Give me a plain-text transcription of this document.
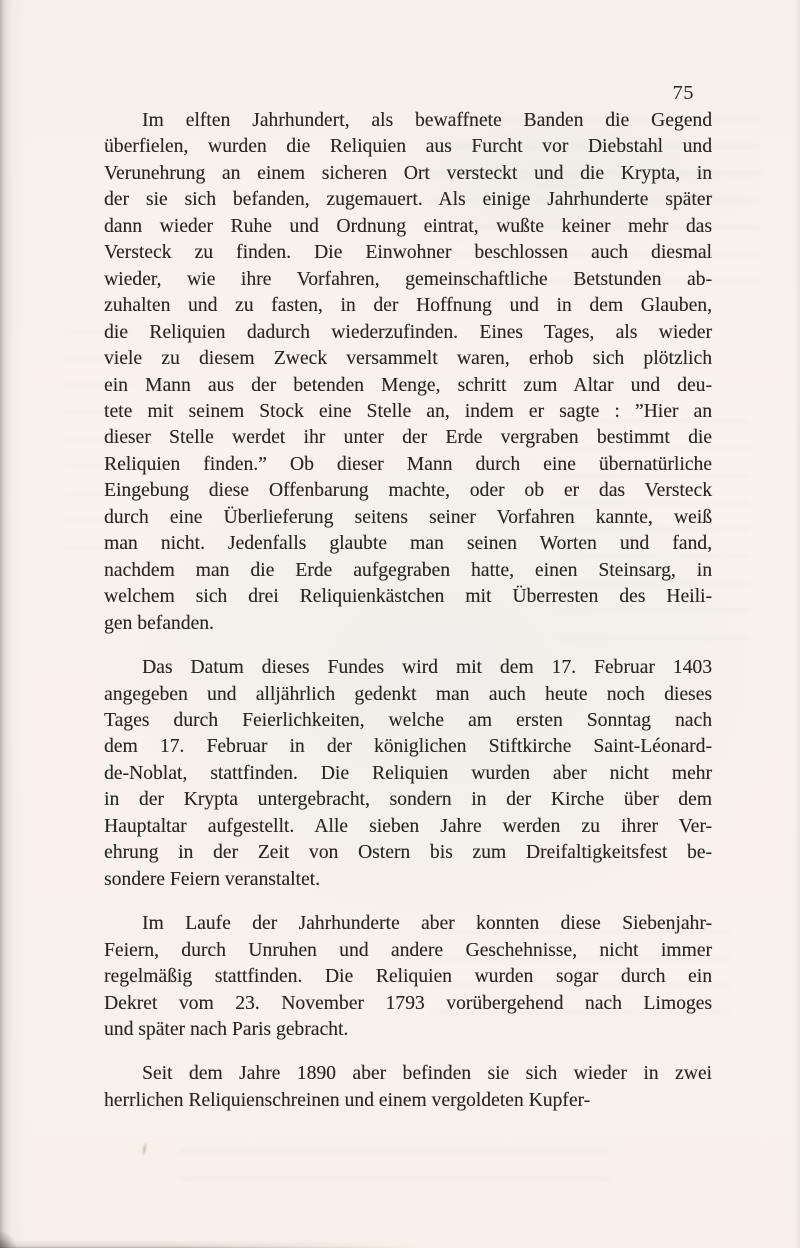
75
Im elften Jahrhundert, als bewaffnete Banden die Gegend
überfielen, wurden die Reliquien aus Furcht vor Diebstahl und
Verunehrung an einem sicheren Ort versteckt und die Krypta, in
der sie sich befanden, zugemauert. Als einige Jahrhunderte später
dann wieder Ruhe und Ordnung eintrat, wußte keiner mehr das
Versteck zu finden. Die Einwohner beschlossen auch diesmal
wieder, wie ihre Vorfahren, gemeinschaftliche Betstunden ab-
zuhalten und zu fasten, in der Hoffnung und in dem Glauben,
die Reliquien dadurch wiederzufinden. Eines Tages, als wieder
viele zu diesem Zweck versammelt waren, erhob sich plötzlich
ein Mann aus der betenden Menge, schritt zum Altar und deu-
tete mit seinem Stock eine Stelle an, indem er sagte : ”Hier an
dieser Stelle werdet ihr unter der Erde vergraben bestimmt die
Reliquien finden.” Ob dieser Mann durch eine übernatürliche
Eingebung diese Offenbarung machte, oder ob er das Versteck
durch eine Überlieferung seitens seiner Vorfahren kannte, weiß
man nicht. Jedenfalls glaubte man seinen Worten und fand,
nachdem man die Erde aufgegraben hatte, einen Steinsarg, in
welchem sich drei Reliquienkästchen mit Überresten des Heili-
gen befanden.
Das Datum dieses Fundes wird mit dem 17. Februar 1403
angegeben und alljährlich gedenkt man auch heute noch dieses
Tages durch Feierlichkeiten, welche am ersten Sonntag nach
dem 17. Februar in der königlichen Stiftkirche Saint-Léonard-
de-Noblat, stattfinden. Die Reliquien wurden aber nicht mehr
in der Krypta untergebracht, sondern in der Kirche über dem
Hauptaltar aufgestellt. Alle sieben Jahre werden zu ihrer Ver-
ehrung in der Zeit von Ostern bis zum Dreifaltigkeitsfest be-
sondere Feiern veranstaltet.
Im Laufe der Jahrhunderte aber konnten diese Siebenjahr-
Feiern, durch Unruhen und andere Geschehnisse, nicht immer
regelmäßig stattfinden. Die Reliquien wurden sogar durch ein
Dekret vom 23. November 1793 vorübergehend nach Limoges
und später nach Paris gebracht.
Seit dem Jahre 1890 aber befinden sie sich wieder in zwei
herrlichen Reliquienschreinen und einem vergoldeten Kupfer-
